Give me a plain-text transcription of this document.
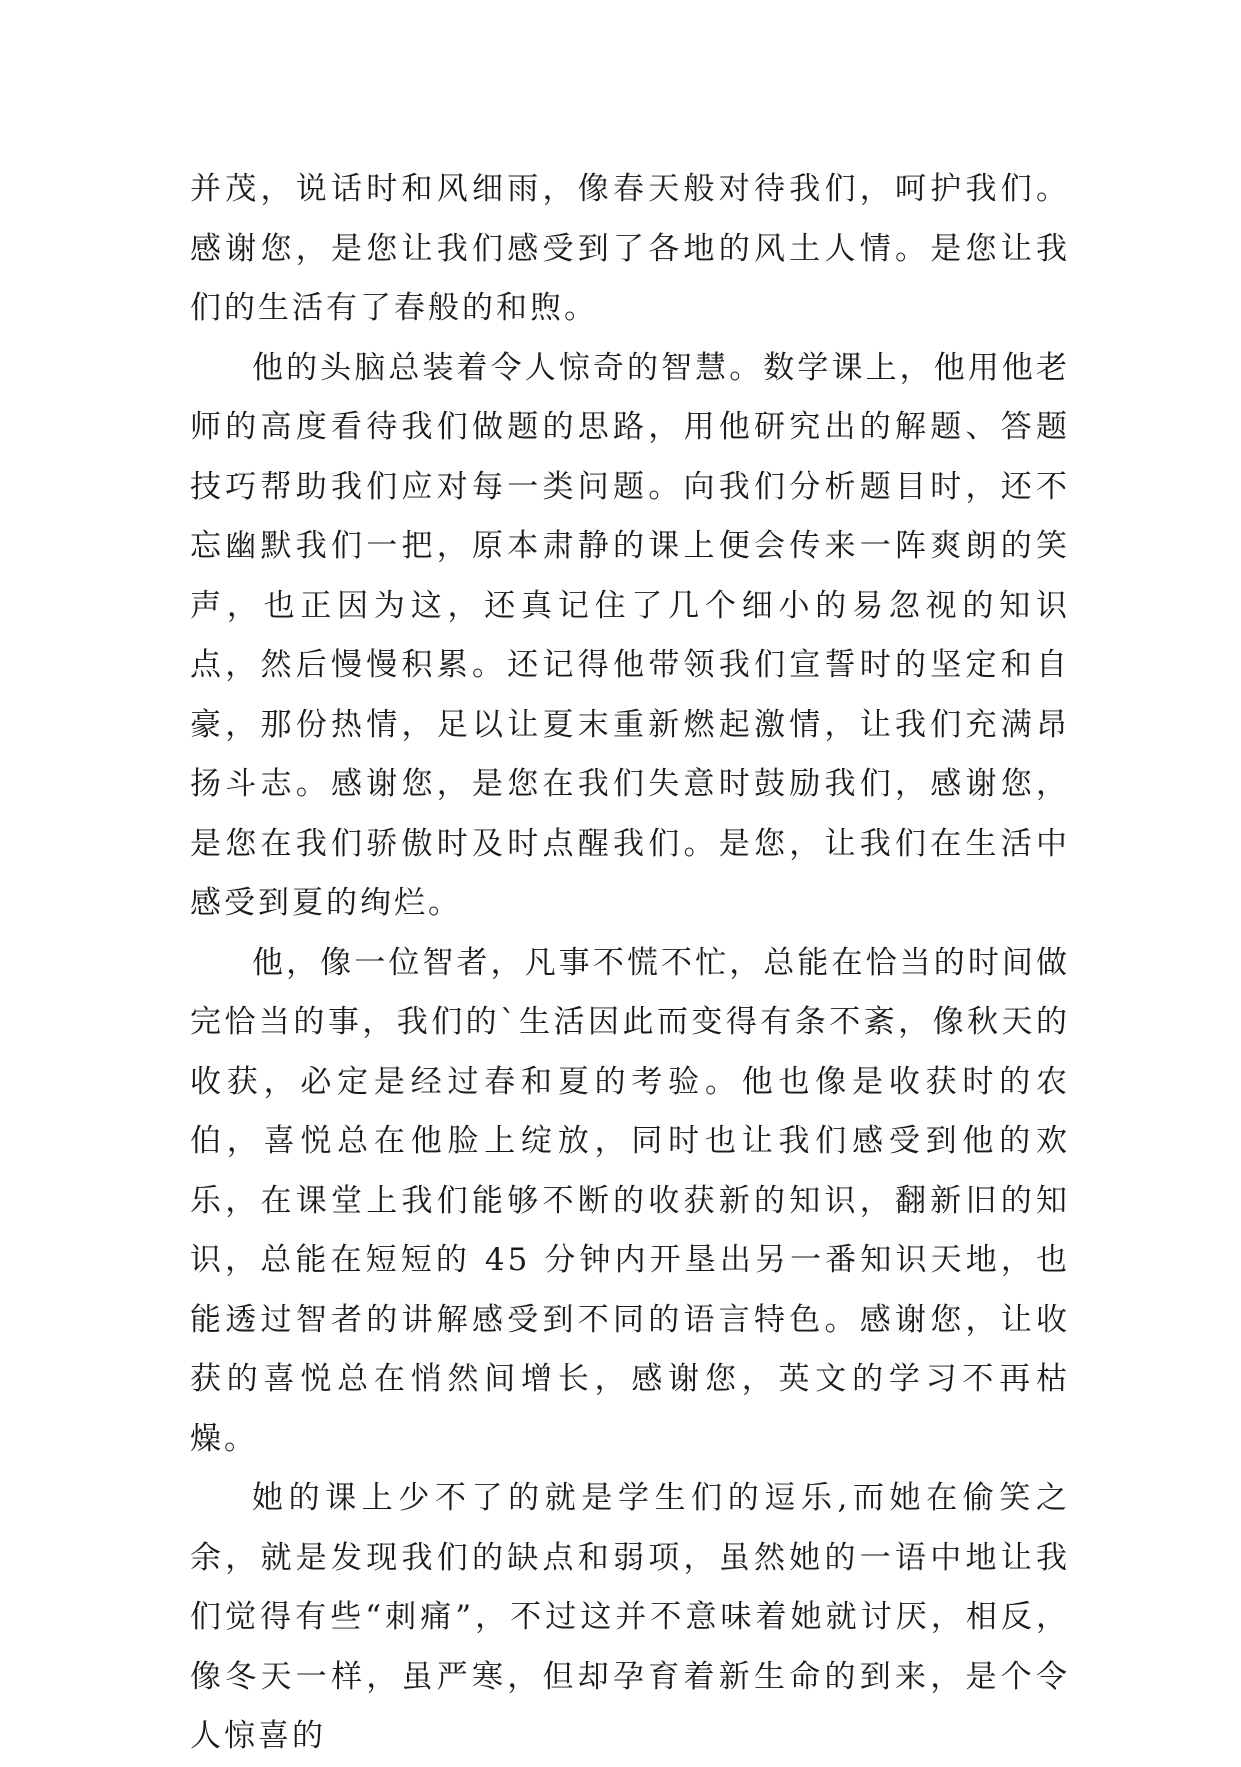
并茂，说话时和风细雨，像春天般对待我们，呵护我们。感谢您，是您让我们感受到了各地的风土人情。是您让我们的生活有了春般的和煦。

他的头脑总装着令人惊奇的智慧。数学课上，他用他老师的高度看待我们做题的思路，用他研究出的解题、答题技巧帮助我们应对每一类问题。向我们分析题目时，还不忘幽默我们一把，原本肃静的课上便会传来一阵爽朗的笑声，也正因为这，还真记住了几个细小的易忽视的知识点，然后慢慢积累。还记得他带领我们宣誓时的坚定和自豪，那份热情，足以让夏末重新燃起激情，让我们充满昂扬斗志。感谢您，是您在我们失意时鼓励我们，感谢您，是您在我们骄傲时及时点醒我们。是您，让我们在生活中感受到夏的绚烂。

他，像一位智者，凡事不慌不忙，总能在恰当的时间做完恰当的事，我们的`生活因此而变得有条不紊，像秋天的收获，必定是经过春和夏的考验。他也像是收获时的农伯，喜悦总在他脸上绽放，同时也让我们感受到他的欢乐，在课堂上我们能够不断的收获新的知识，翻新旧的知识，总能在短短的 45 分钟内开垦出另一番知识天地，也能透过智者的讲解感受到不同的语言特色。感谢您，让收获的喜悦总在悄然间增长，感谢您，英文的学习不再枯燥。

她的课上少不了的就是学生们的逗乐,而她在偷笑之余，就是发现我们的缺点和弱项，虽然她的一语中地让我们觉得有些“刺痛”，不过这并不意味着她就讨厌，相反，像冬天一样，虽严寒，但却孕育着新生命的到来，是个令人惊喜的
